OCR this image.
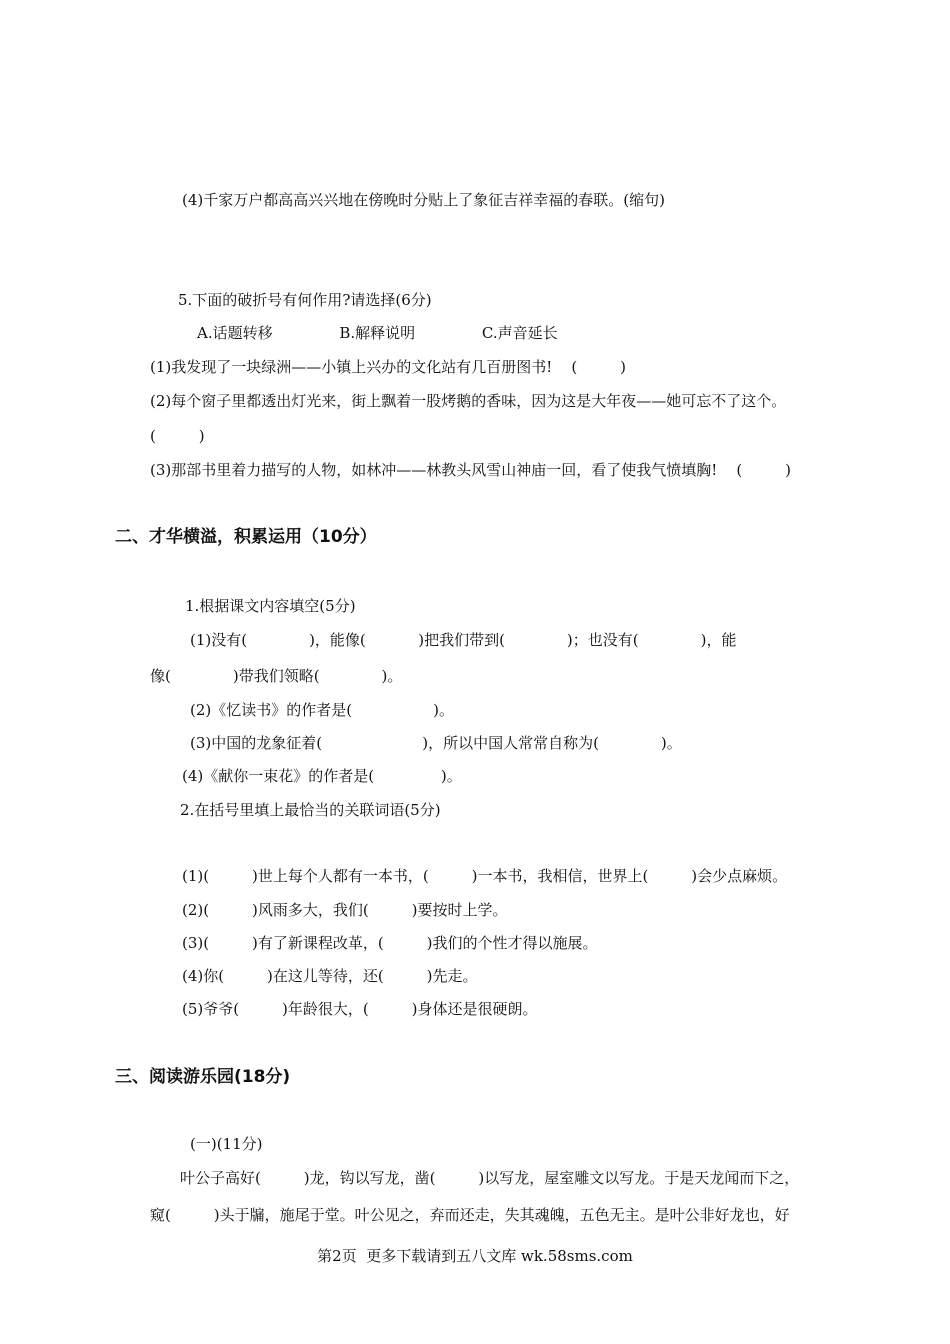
(4)千家万户都高高兴兴地在傍晚时分贴上了象征吉祥幸福的春联。(缩句)
5.下面的破折号有何作用?请选择(6分)
A.话题转移              B.解释说明              C.声音延长
(1)我发现了一块绿洲——小镇上兴办的文化站有几百册图书!    (         )
(2)每个窗子里都透出灯光来，街上飘着一股烤鹅的香味，因为这是大年夜——她可忘不了这个。
(         )
(3)那部书里着力描写的人物，如林冲——林教头风雪山神庙一回，看了使我气愤填胸!    (         )
二、才华横溢，积累运用（10分）
1.根据课文内容填空(5分)
(1)没有(             )，能像(           )把我们带到(             )；也没有(             )，能
像(             )带我们领略(             )。
(2)《忆读书》的作者是(                 )。
(3)中国的龙象征着(                     )，所以中国人常常自称为(             )。
(4)《献你一束花》的作者是(              )。
2.在括号里填上最恰当的关联词语(5分)
(1)(         )世上每个人都有一本书，(         )一本书，我相信，世界上(         )会少点麻烦。
(2)(         )风雨多大，我们(         )要按时上学。
(3)(         )有了新课程改革，(         )我们的个性才得以施展。
(4)你(         )在这儿等待，还(         )先走。
(5)爷爷(         )年龄很大，(         )身体还是很硬朗。
三、阅读游乐园(18分)
(一)(11分)
叶公子高好(         )龙，钩以写龙，凿(         )以写龙，屋室雕文以写龙。于是天龙闻而下之，
窥(         )头于牖，施尾于堂。叶公见之，弃而还走，失其魂魄，五色无主。是叶公非好龙也，好
第2页  更多下载请到五八文库 wk.58sms.com
